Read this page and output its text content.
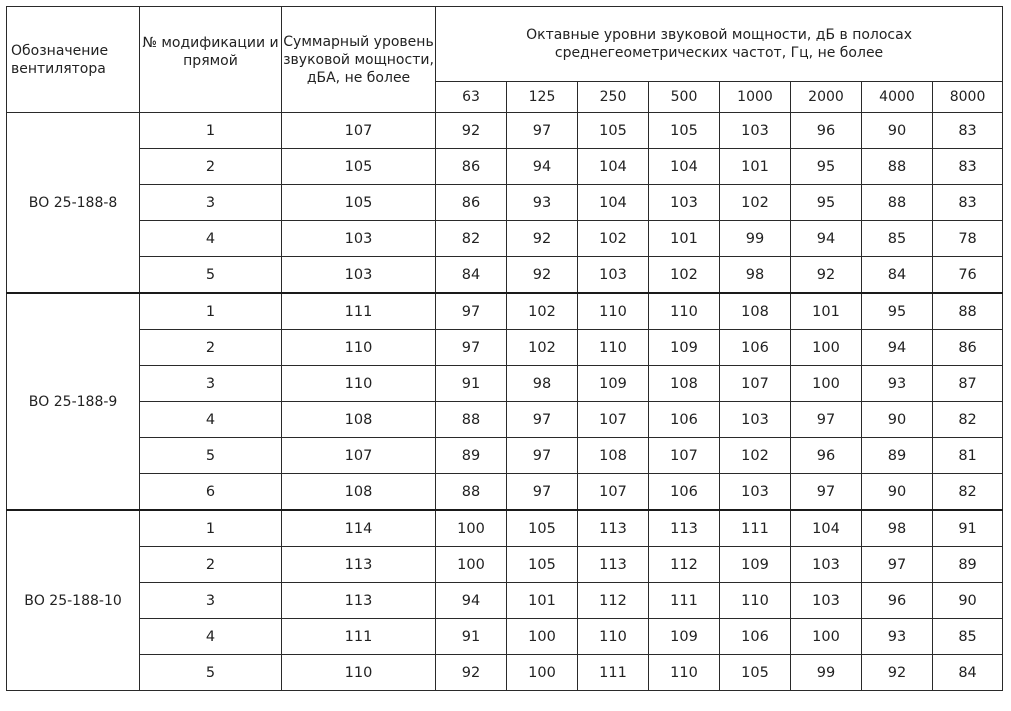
Обозначение вентилятора	№ модификации и прямой	Суммарный уровень звуковой мощности, дБА, не более	Октавные уровни звуковой мощности, дБ в полосах среднегеометрических частот, Гц, не более							
			63	125	250	500	1000	2000	4000	8000
ВО 25-188-8	1	107	92	97	105	105	103	96	90	83
	2	105	86	94	104	104	101	95	88	83
	3	105	86	93	104	103	102	95	88	83
	4	103	82	92	102	101	99	94	85	78
	5	103	84	92	103	102	98	92	84	76
ВО 25-188-9	1	111	97	102	110	110	108	101	95	88
	2	110	97	102	110	109	106	100	94	86
	3	110	91	98	109	108	107	100	93	87
	4	108	88	97	107	106	103	97	90	82
	5	107	89	97	108	107	102	96	89	81
	6	108	88	97	107	106	103	97	90	82
ВО 25-188-10	1	114	100	105	113	113	111	104	98	91
	2	113	100	105	113	112	109	103	97	89
	3	113	94	101	112	111	110	103	96	90
	4	111	91	100	110	109	106	100	93	85
	5	110	92	100	111	110	105	99	92	84
